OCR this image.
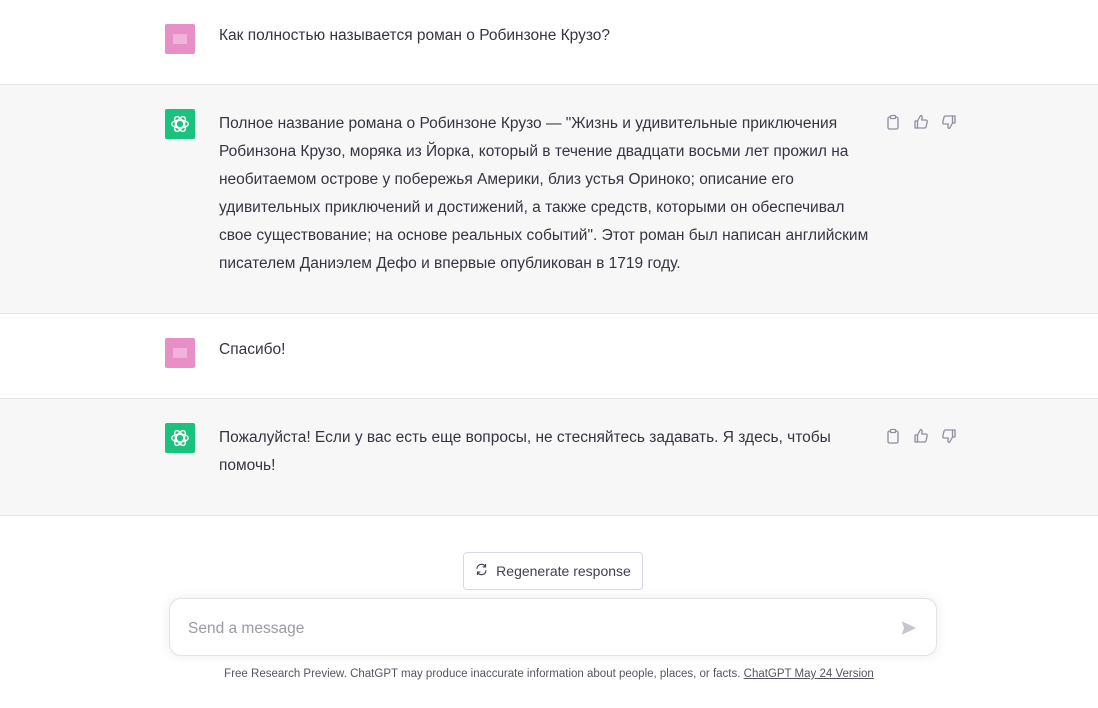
Как полностью называется роман о Робинзоне Крузо?
Полное название романа о Робинзоне Крузо — "Жизнь и удивительные приключения Робинзона Крузо, моряка из Йорка, который в течение двадцати восьми лет прожил на необитаемом острове у побережья Америки, близ устья Ориноко; описание его удивительных приключений и достижений, а также средств, которыми он обеспечивал свое существование; на основе реальных событий". Этот роман был написан английским писателем Даниэлем Дефо и впервые опубликован в 1719 году.
Спасибо!
Пожалуйста! Если у вас есть еще вопросы, не стесняйтесь задавать. Я здесь, чтобы помочь!
Regenerate response
Send a message
Free Research Preview. ChatGPT may produce inaccurate information about people, places, or facts. ChatGPT May 24 Version
